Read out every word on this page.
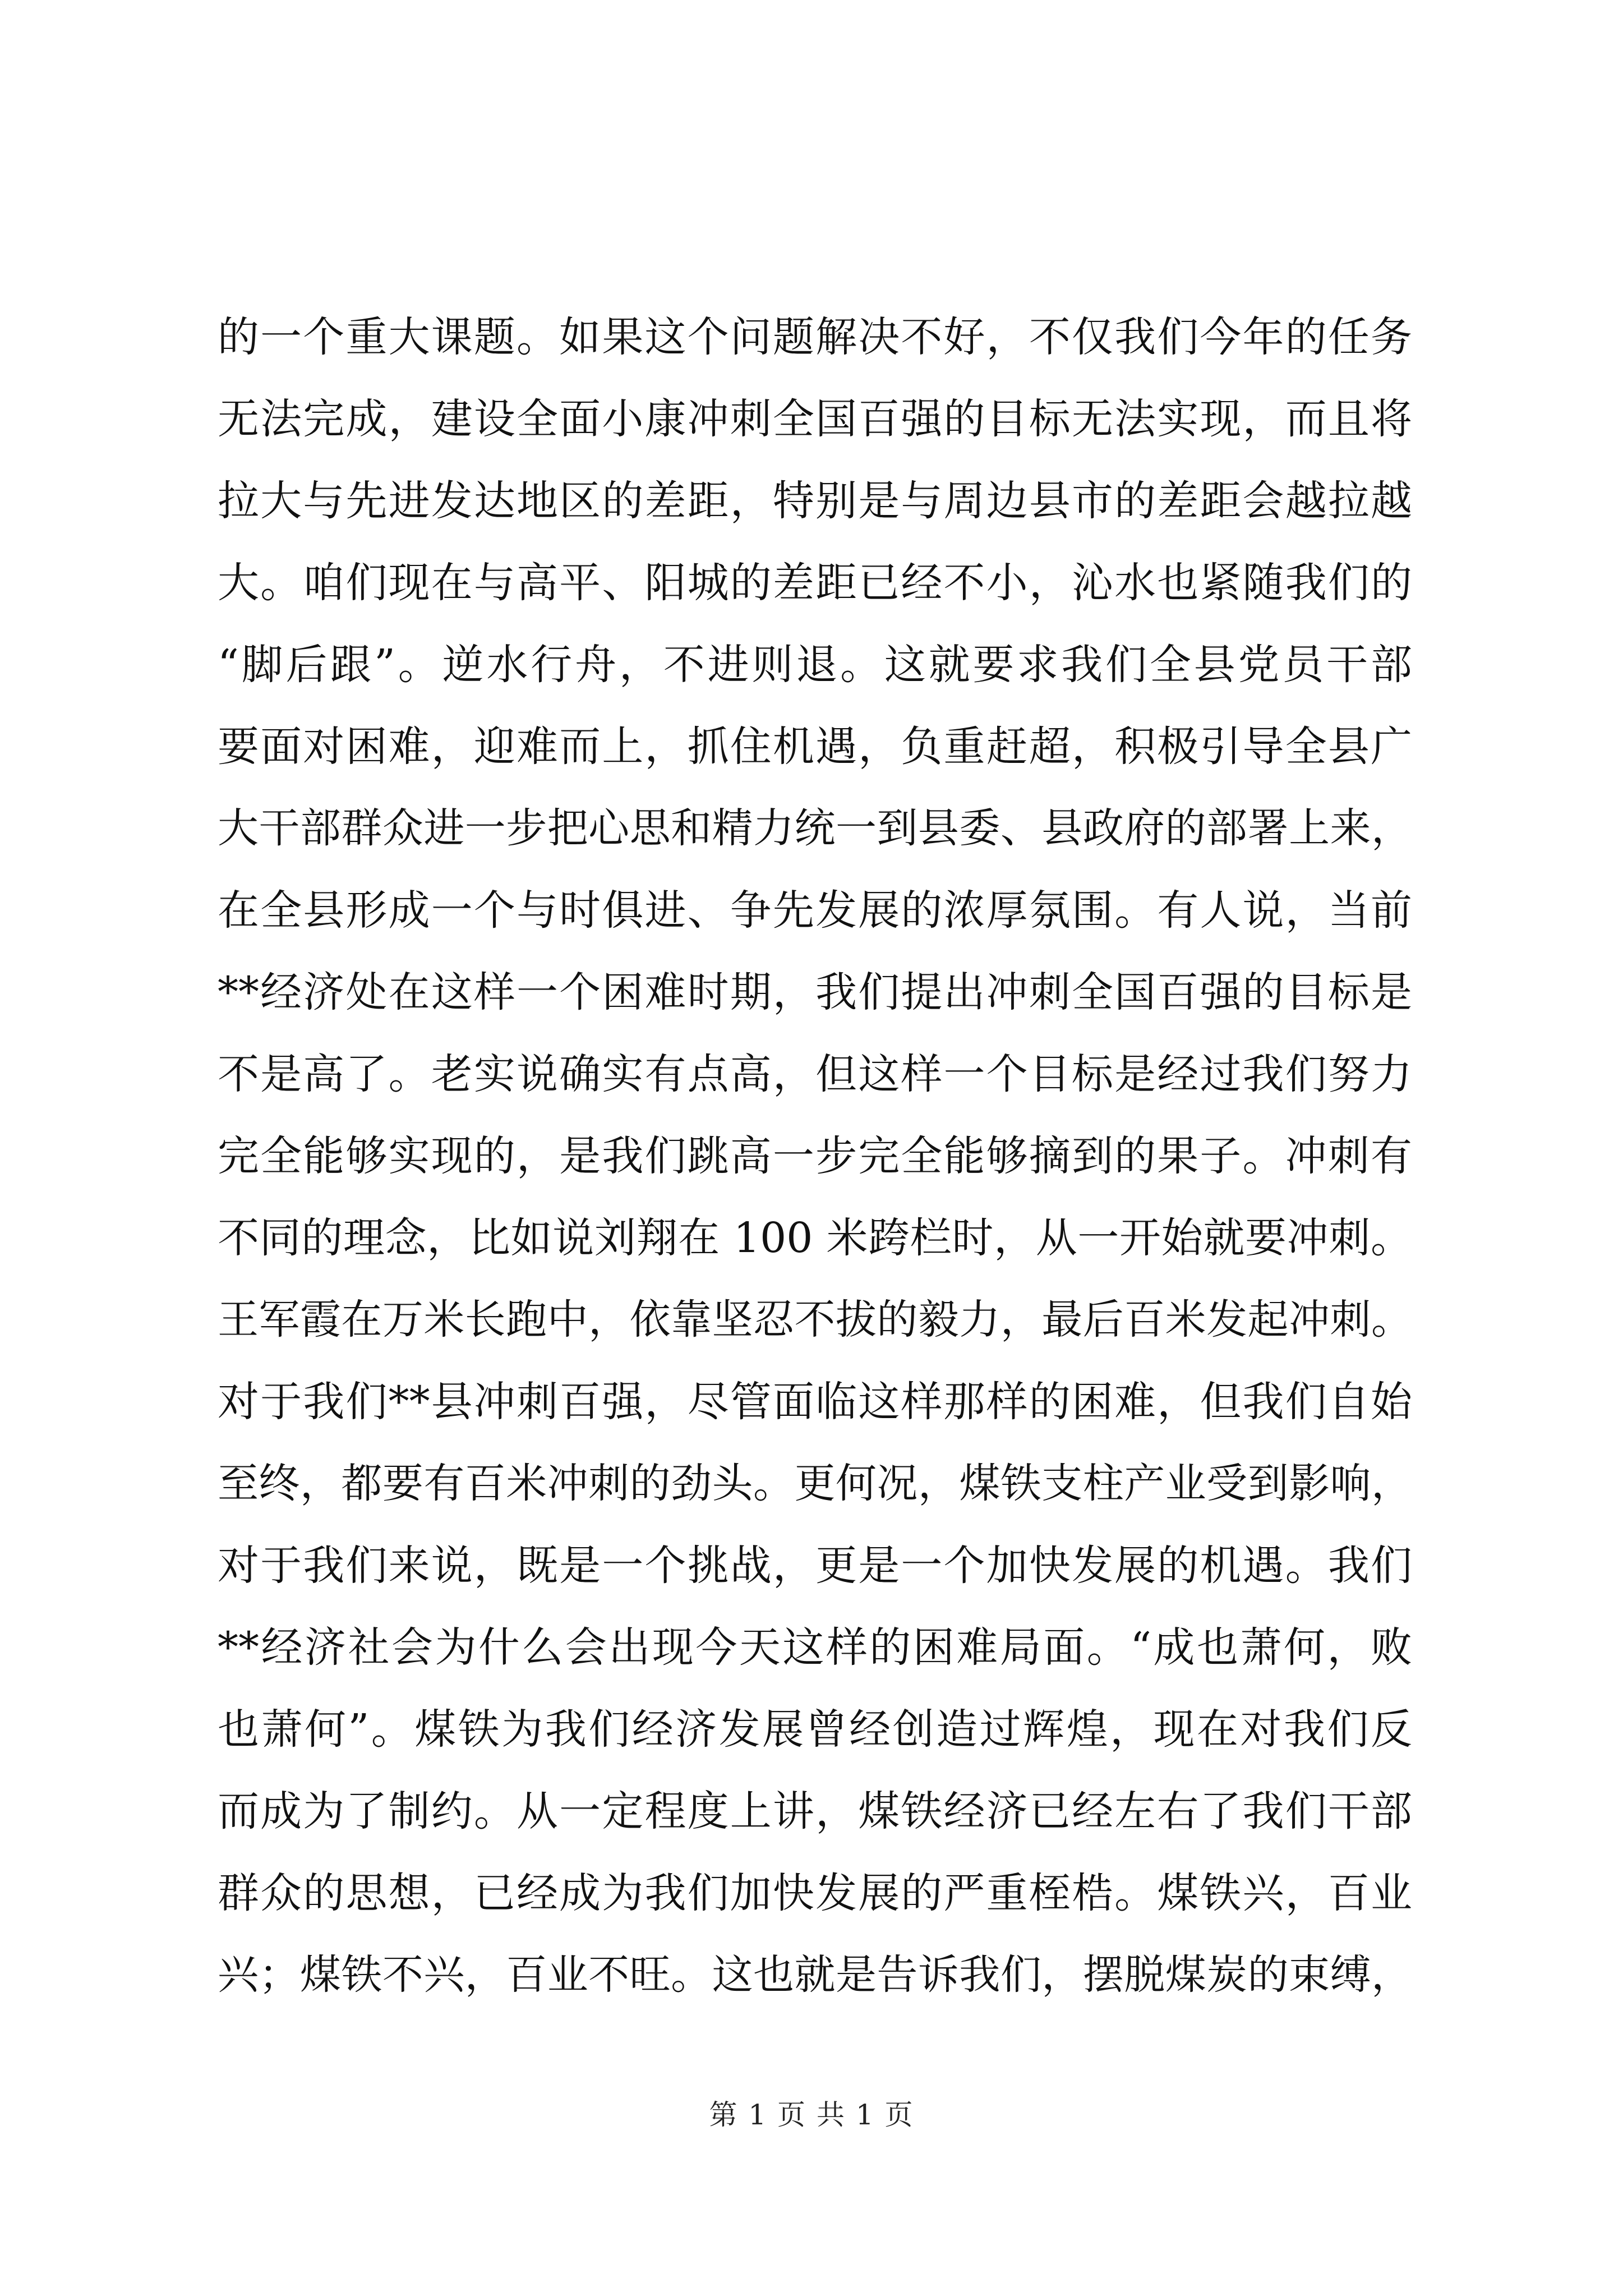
的一个重大课题。如果这个问题解决不好，不仅我们今年的任务
无法完成，建设全面小康冲刺全国百强的目标无法实现，而且将
拉大与先进发达地区的差距，特别是与周边县市的差距会越拉越
大。咱们现在与高平、阳城的差距已经不小，沁水也紧随我们的
“脚后跟”。逆水行舟，不进则退。这就要求我们全县党员干部
要面对困难，迎难而上，抓住机遇，负重赶超，积极引导全县广
大干部群众进一步把心思和精力统一到县委、县政府的部署上来，
在全县形成一个与时俱进、争先发展的浓厚氛围。有人说，当前
**经济处在这样一个困难时期，我们提出冲刺全国百强的目标是
不是高了。老实说确实有点高，但这样一个目标是经过我们努力
完全能够实现的，是我们跳高一步完全能够摘到的果子。冲刺有
不同的理念，比如说刘翔在 100 米跨栏时，从一开始就要冲刺。
王军霞在万米长跑中，依靠坚忍不拔的毅力，最后百米发起冲刺。
对于我们**县冲刺百强，尽管面临这样那样的困难，但我们自始
至终，都要有百米冲刺的劲头。更何况，煤铁支柱产业受到影响，
对于我们来说，既是一个挑战，更是一个加快发展的机遇。我们
**经济社会为什么会出现今天这样的困难局面。“成也萧何，败
也萧何”。煤铁为我们经济发展曾经创造过辉煌，现在对我们反
而成为了制约。从一定程度上讲，煤铁经济已经左右了我们干部
群众的思想，已经成为我们加快发展的严重桎梏。煤铁兴，百业
兴；煤铁不兴，百业不旺。这也就是告诉我们，摆脱煤炭的束缚，
第 1 页 共 1 页
